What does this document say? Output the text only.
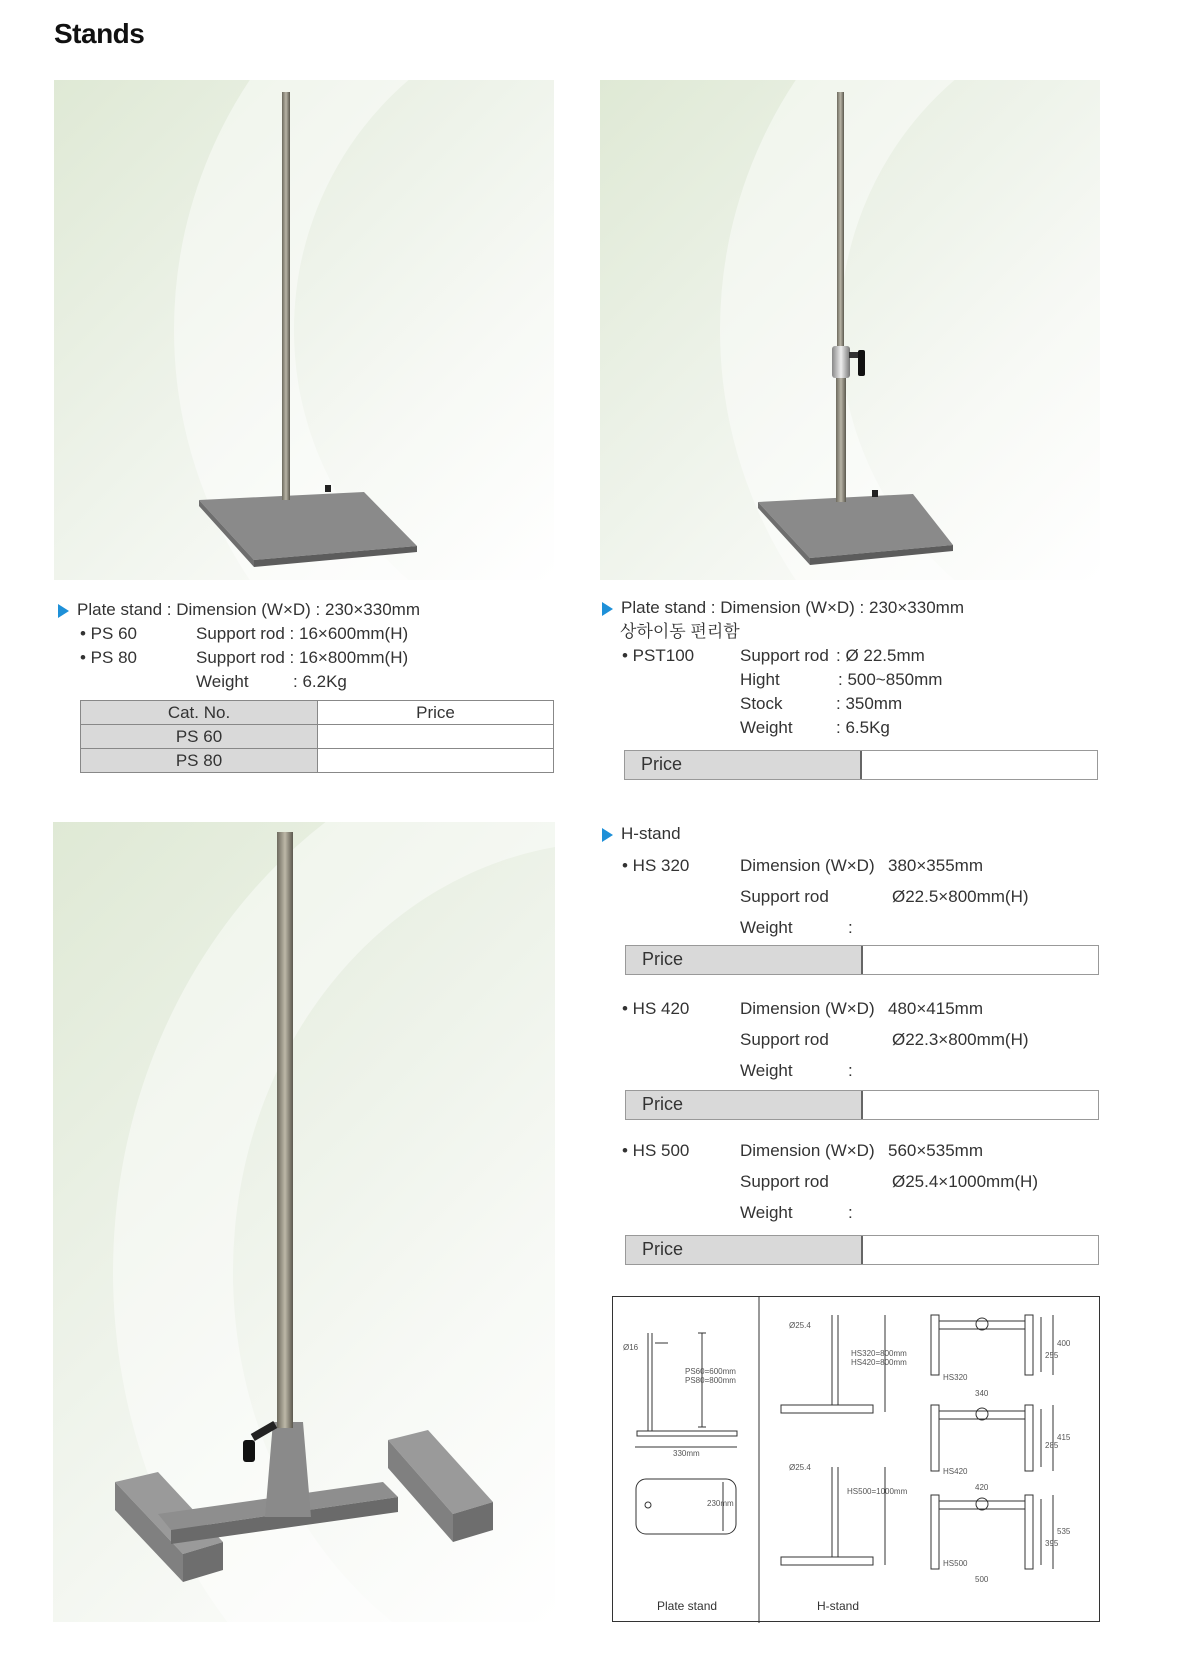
Stands
Plate stand : Dimension (W×D) : 230×330mm
• PS 60	Support rod : 16×600mm(H)
• PS 80	Support rod : 16×800mm(H)
Weight	: 6.2Kg
Cat. No.	Price
PS 60	
PS 80	
Plate stand : Dimension (W×D) : 230×330mm
상하이동 편리함
• PST100	Support rod : Ø 22.5mm
Hight	: 500~850mm
Stock	: 350mm
Weight	: 6.5Kg
Price
H-stand
• HS 320	Dimension (W×D) 380×355mm
Support rod	Ø22.5×800mm(H)
Weight	:
Price
• HS 420	Dimension (W×D) 480×415mm
Support rod	Ø22.3×800mm(H)
Weight	:
Price
• HS 500	Dimension (W×D) 560×535mm
Support rod	Ø25.4×1000mm(H)
Weight	:
Price
Ø16
PS60=600mm PS80=800mm
330mm
230mm
Ø25.4
HS320=800mm HS420=800mm
Ø25.4
HS500=1000mm
HS320
340
400
255
HS420
420
415
285
HS500
500
535
395
Plate stand	H-stand
